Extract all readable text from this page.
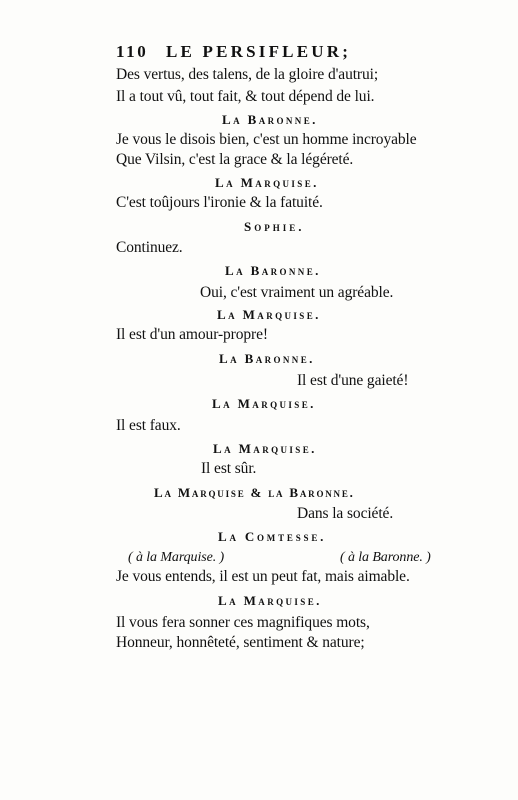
110 LE PERSIFLEUR;
Des vertus, des talens, de la gloire d'autrui;
Il a tout vû, tout fait, & tout dépend de lui.
La Baronne.
Je vous le disois bien, c'est un homme incroyable
Que Vilsin, c'est la grace & la légéreté.
La Marquise.
C'est toûjours l'ironie & la fatuité.
Sophie.
Continuez.
La Baronne.
Oui, c'est vraiment un agréable.
La Marquise.
Il est d'un amour-propre!
La Baronne.
Il est d'une gaieté!
La Marquise.
Il est faux.
La Marquise.
Il est sûr.
La Marquise & la Baronne.
Dans la société.
La Comtesse.
( à la Marquise. )	( à la Baronne. )
Je vous entends, il est un peut fat, mais aimable.
La Marquise.
Il vous fera sonner ces magnifiques mots,
Honneur, honnêteté, sentiment & nature;
